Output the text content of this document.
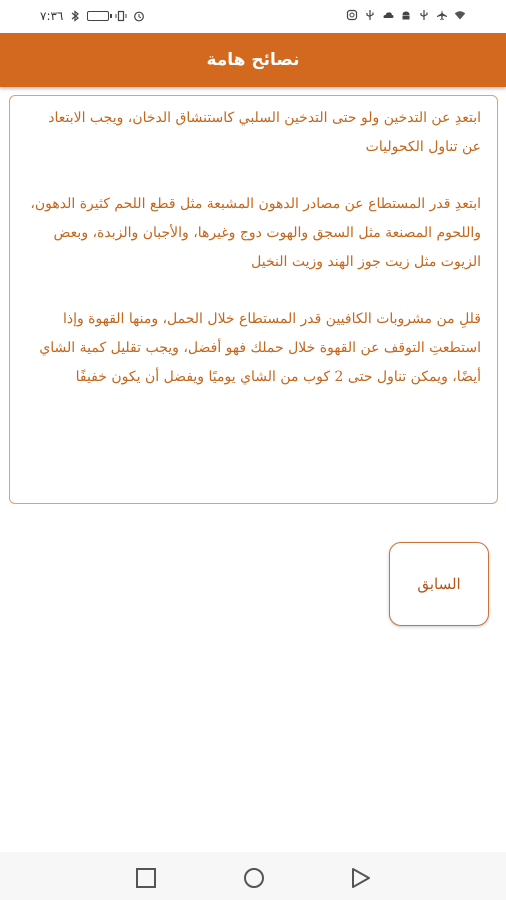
٧:٣٦
نصائح هامة

ابتعدِ عن التدخين ولو حتى التدخين السلبي كاستنشاق الدخان، ويجب الابتعاد عن تناول الكحوليات

ابتعدِ قدر المستطاع عن مصادر الدهون المشبعة مثل قطع اللحم كثيرة الدهون، واللحوم المصنعة مثل السجق والهوت دوج وغيرها، والأجبان والزبدة، وبعض الزيوت مثل زيت جوز الهند وزيت النخيل

قللِ من مشروبات الكافيين قدر المستطاع خلال الحمل، ومنها القهوة وإذا استطعتِ التوقف عن القهوة خلال حملك فهو أفضل، ويجب تقليل كمية الشاي أيضًا، ويمكن تناول حتى 2 كوب من الشاي يوميًا ويفضل أن يكون خفيفًا

السابق
